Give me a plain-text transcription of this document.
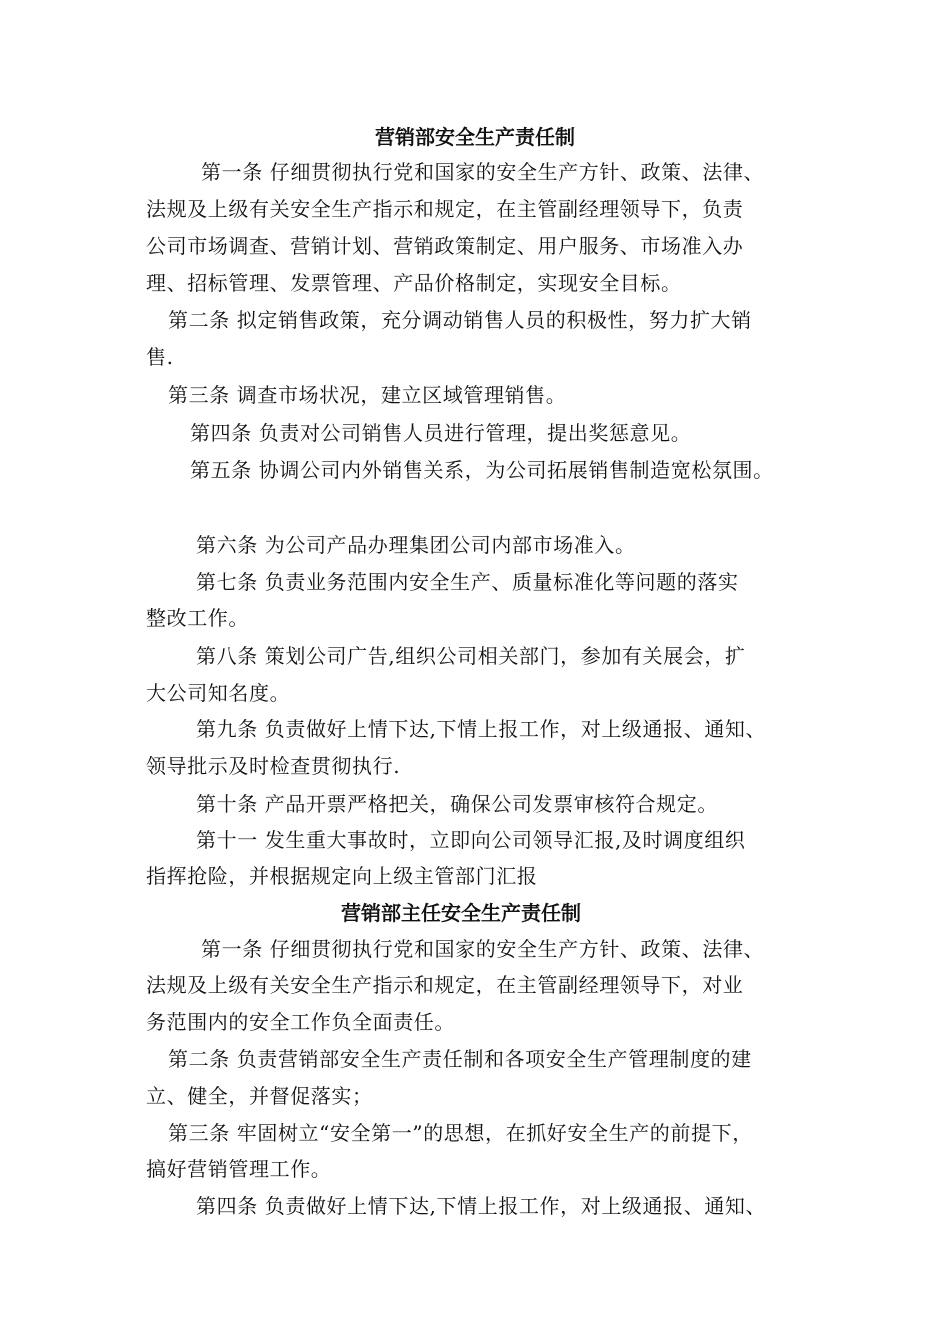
营销部安全生产责任制
第一条 仔细贯彻执行党和国家的安全生产方针、政策、法律、
法规及上级有关安全生产指示和规定，在主管副经理领导下，负责
公司市场调查、营销计划、营销政策制定、用户服务、市场准入办
理、招标管理、发票管理、产品价格制定，实现安全目标。
第二条 拟定销售政策，充分调动销售人员的积极性，努力扩大销
售.
第三条 调查市场状况，建立区域管理销售。
第四条 负责对公司销售人员进行管理，提出奖惩意见。
第五条 协调公司内外销售关系，为公司拓展销售制造宽松氛围。
第六条 为公司产品办理集团公司内部市场准入。
第七条 负责业务范围内安全生产、质量标准化等问题的落实
整改工作。
第八条 策划公司广告,组织公司相关部门，参加有关展会，扩
大公司知名度。
第九条 负责做好上情下达,下情上报工作，对上级通报、通知、
领导批示及时检查贯彻执行.
第十条 产品开票严格把关，确保公司发票审核符合规定。
第十一 发生重大事故时，立即向公司领导汇报,及时调度组织
指挥抢险，并根据规定向上级主管部门汇报
营销部主任安全生产责任制
第一条 仔细贯彻执行党和国家的安全生产方针、政策、法律、
法规及上级有关安全生产指示和规定，在主管副经理领导下，对业
务范围内的安全工作负全面责任。
第二条 负责营销部安全生产责任制和各项安全生产管理制度的建
立、健全，并督促落实；
第三条 牢固树立“安全第一”的思想，在抓好安全生产的前提下，
搞好营销管理工作。
第四条 负责做好上情下达,下情上报工作，对上级通报、通知、
